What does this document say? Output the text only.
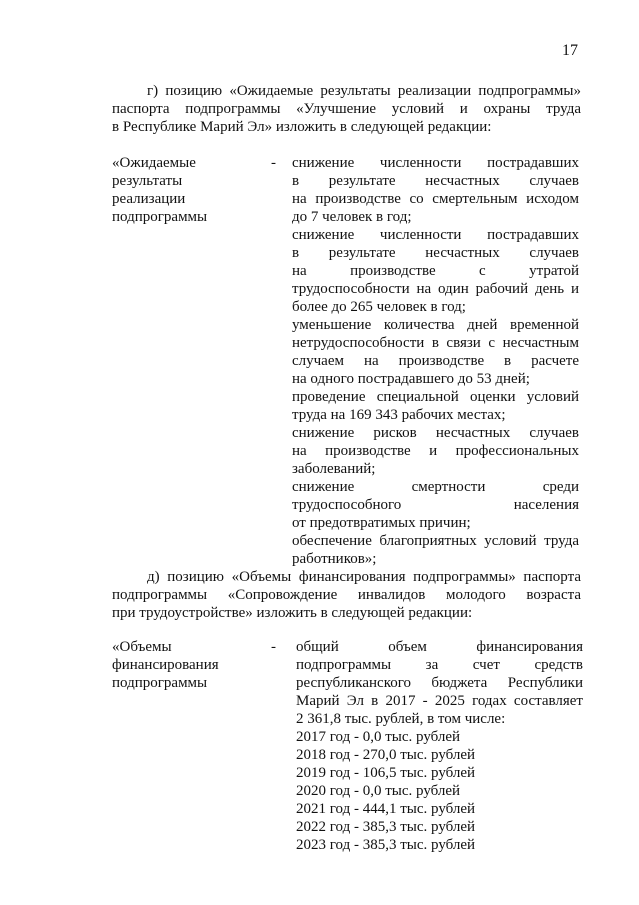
17
г) позицию «Ожидаемые результаты реализации подпрограммы»
паспорта подпрограммы «Улучшение условий и охраны труда
в Республике Марий Эл» изложить в следующей редакции:
«Ожидаемые
результаты
реализации
подпрограммы
- снижение численности пострадавших
в результате несчастных случаев
на производстве со смертельным исходом
до 7 человек в год;
снижение численности пострадавших
в результате несчастных случаев
на производстве с утратой
трудоспособности на один рабочий день и
более до 265 человек в год;
уменьшение количества дней временной
нетрудоспособности в связи с несчастным
случаем на производстве в расчете
на одного пострадавшего до 53 дней;
проведение специальной оценки условий
труда на 169 343 рабочих местах;
снижение рисков несчастных случаев
на производстве и профессиональных
заболеваний;
снижение смертности среди
трудоспособного населения
от предотвратимых причин;
обеспечение благоприятных условий труда
работников»;
д) позицию «Объемы финансирования подпрограммы» паспорта
подпрограммы «Сопровождение инвалидов молодого возраста
при трудоустройстве» изложить в следующей редакции:
«Объемы
финансирования
подпрограммы
- общий объем финансирования
подпрограммы за счет средств
республиканского бюджета Республики
Марий Эл в 2017 - 2025 годах составляет
2 361,8 тыс. рублей, в том числе:
2017 год - 0,0 тыс. рублей
2018 год - 270,0 тыс. рублей
2019 год - 106,5 тыс. рублей
2020 год - 0,0 тыс. рублей
2021 год - 444,1 тыс. рублей
2022 год - 385,3 тыс. рублей
2023 год - 385,3 тыс. рублей
